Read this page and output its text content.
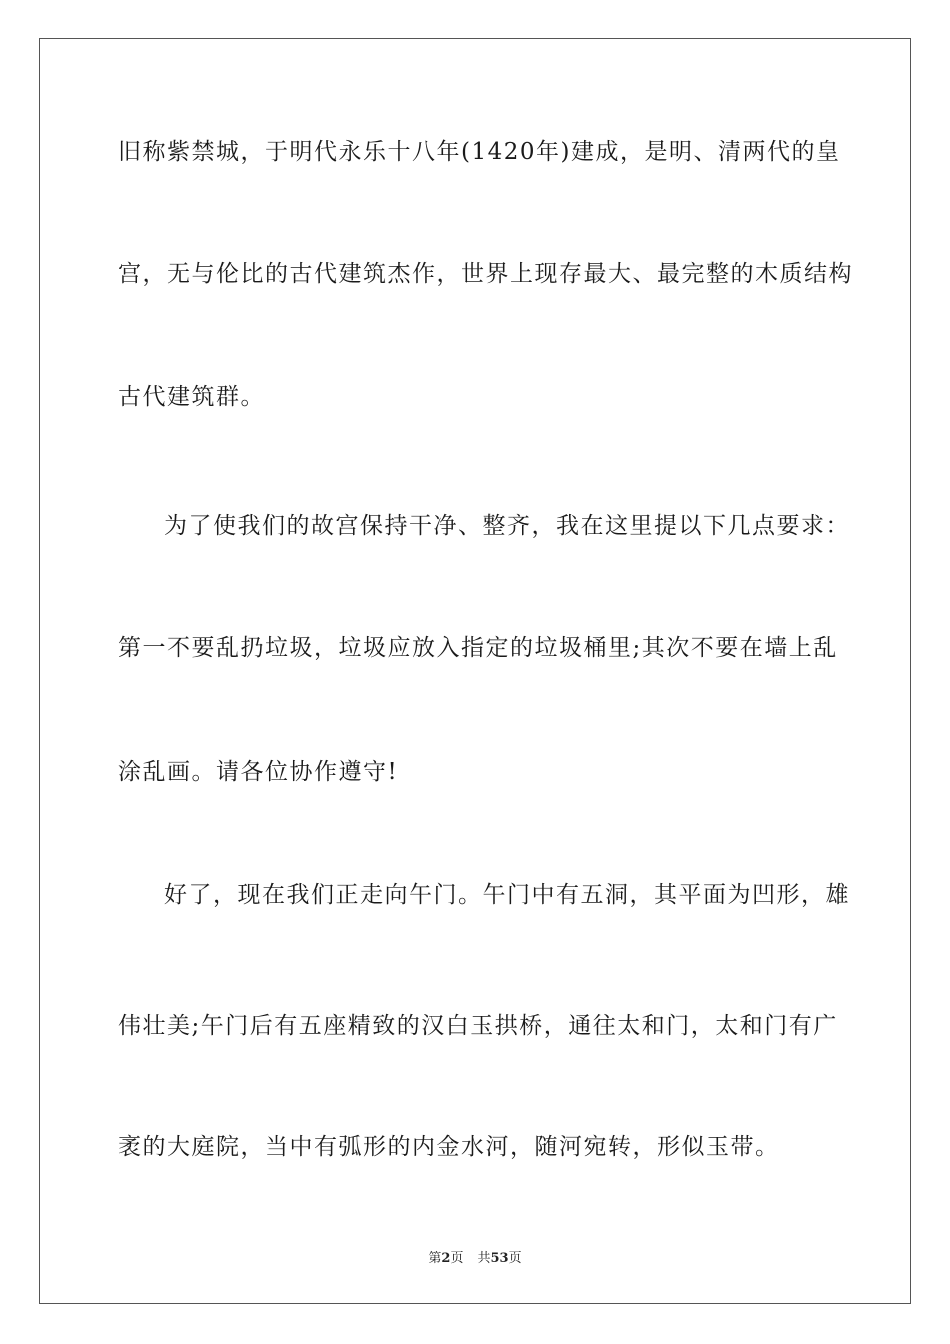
旧称紫禁城，于明代永乐十八年(1420年)建成，是明、清两代的皇
宫，无与伦比的古代建筑杰作，世界上现存最大、最完整的木质结构
古代建筑群。
为了使我们的故宫保持干净、整齐，我在这里提以下几点要求：
第一不要乱扔垃圾，垃圾应放入指定的垃圾桶里;其次不要在墙上乱
涂乱画。请各位协作遵守!
好了，现在我们正走向午门。午门中有五洞，其平面为凹形，雄
伟壮美;午门后有五座精致的汉白玉拱桥，通往太和门，太和门有广
袤的大庭院，当中有弧形的内金水河，随河宛转，形似玉带。
第2页 共53页
